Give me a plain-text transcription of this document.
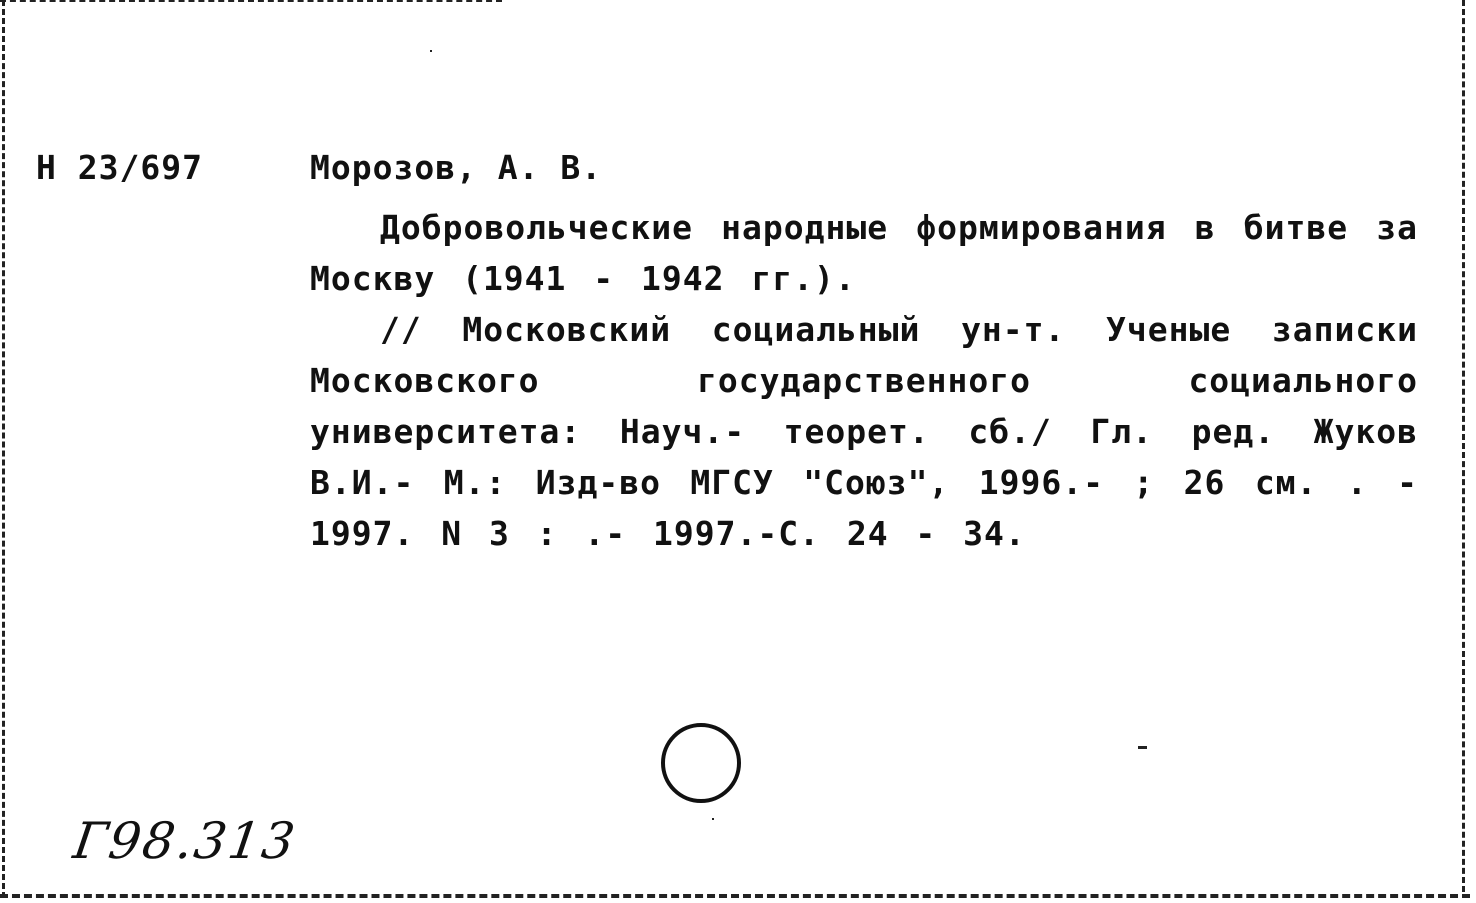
Н 23/697	Морозов, А. В.

Добровольческие народные формирования в битве за Москву (1941 - 1942 гг.).

// Московский социальный ун-т. Ученые записки Московского государственного социального университета: Науч.- теорет. сб./ Гл. ред. Жуков В.И.- М.: Изд-во МГСУ "Союз", 1996.- ; 26 см. . - 1997. N 3 : .- 1997.-С. 24 - 34.

Г98.313
